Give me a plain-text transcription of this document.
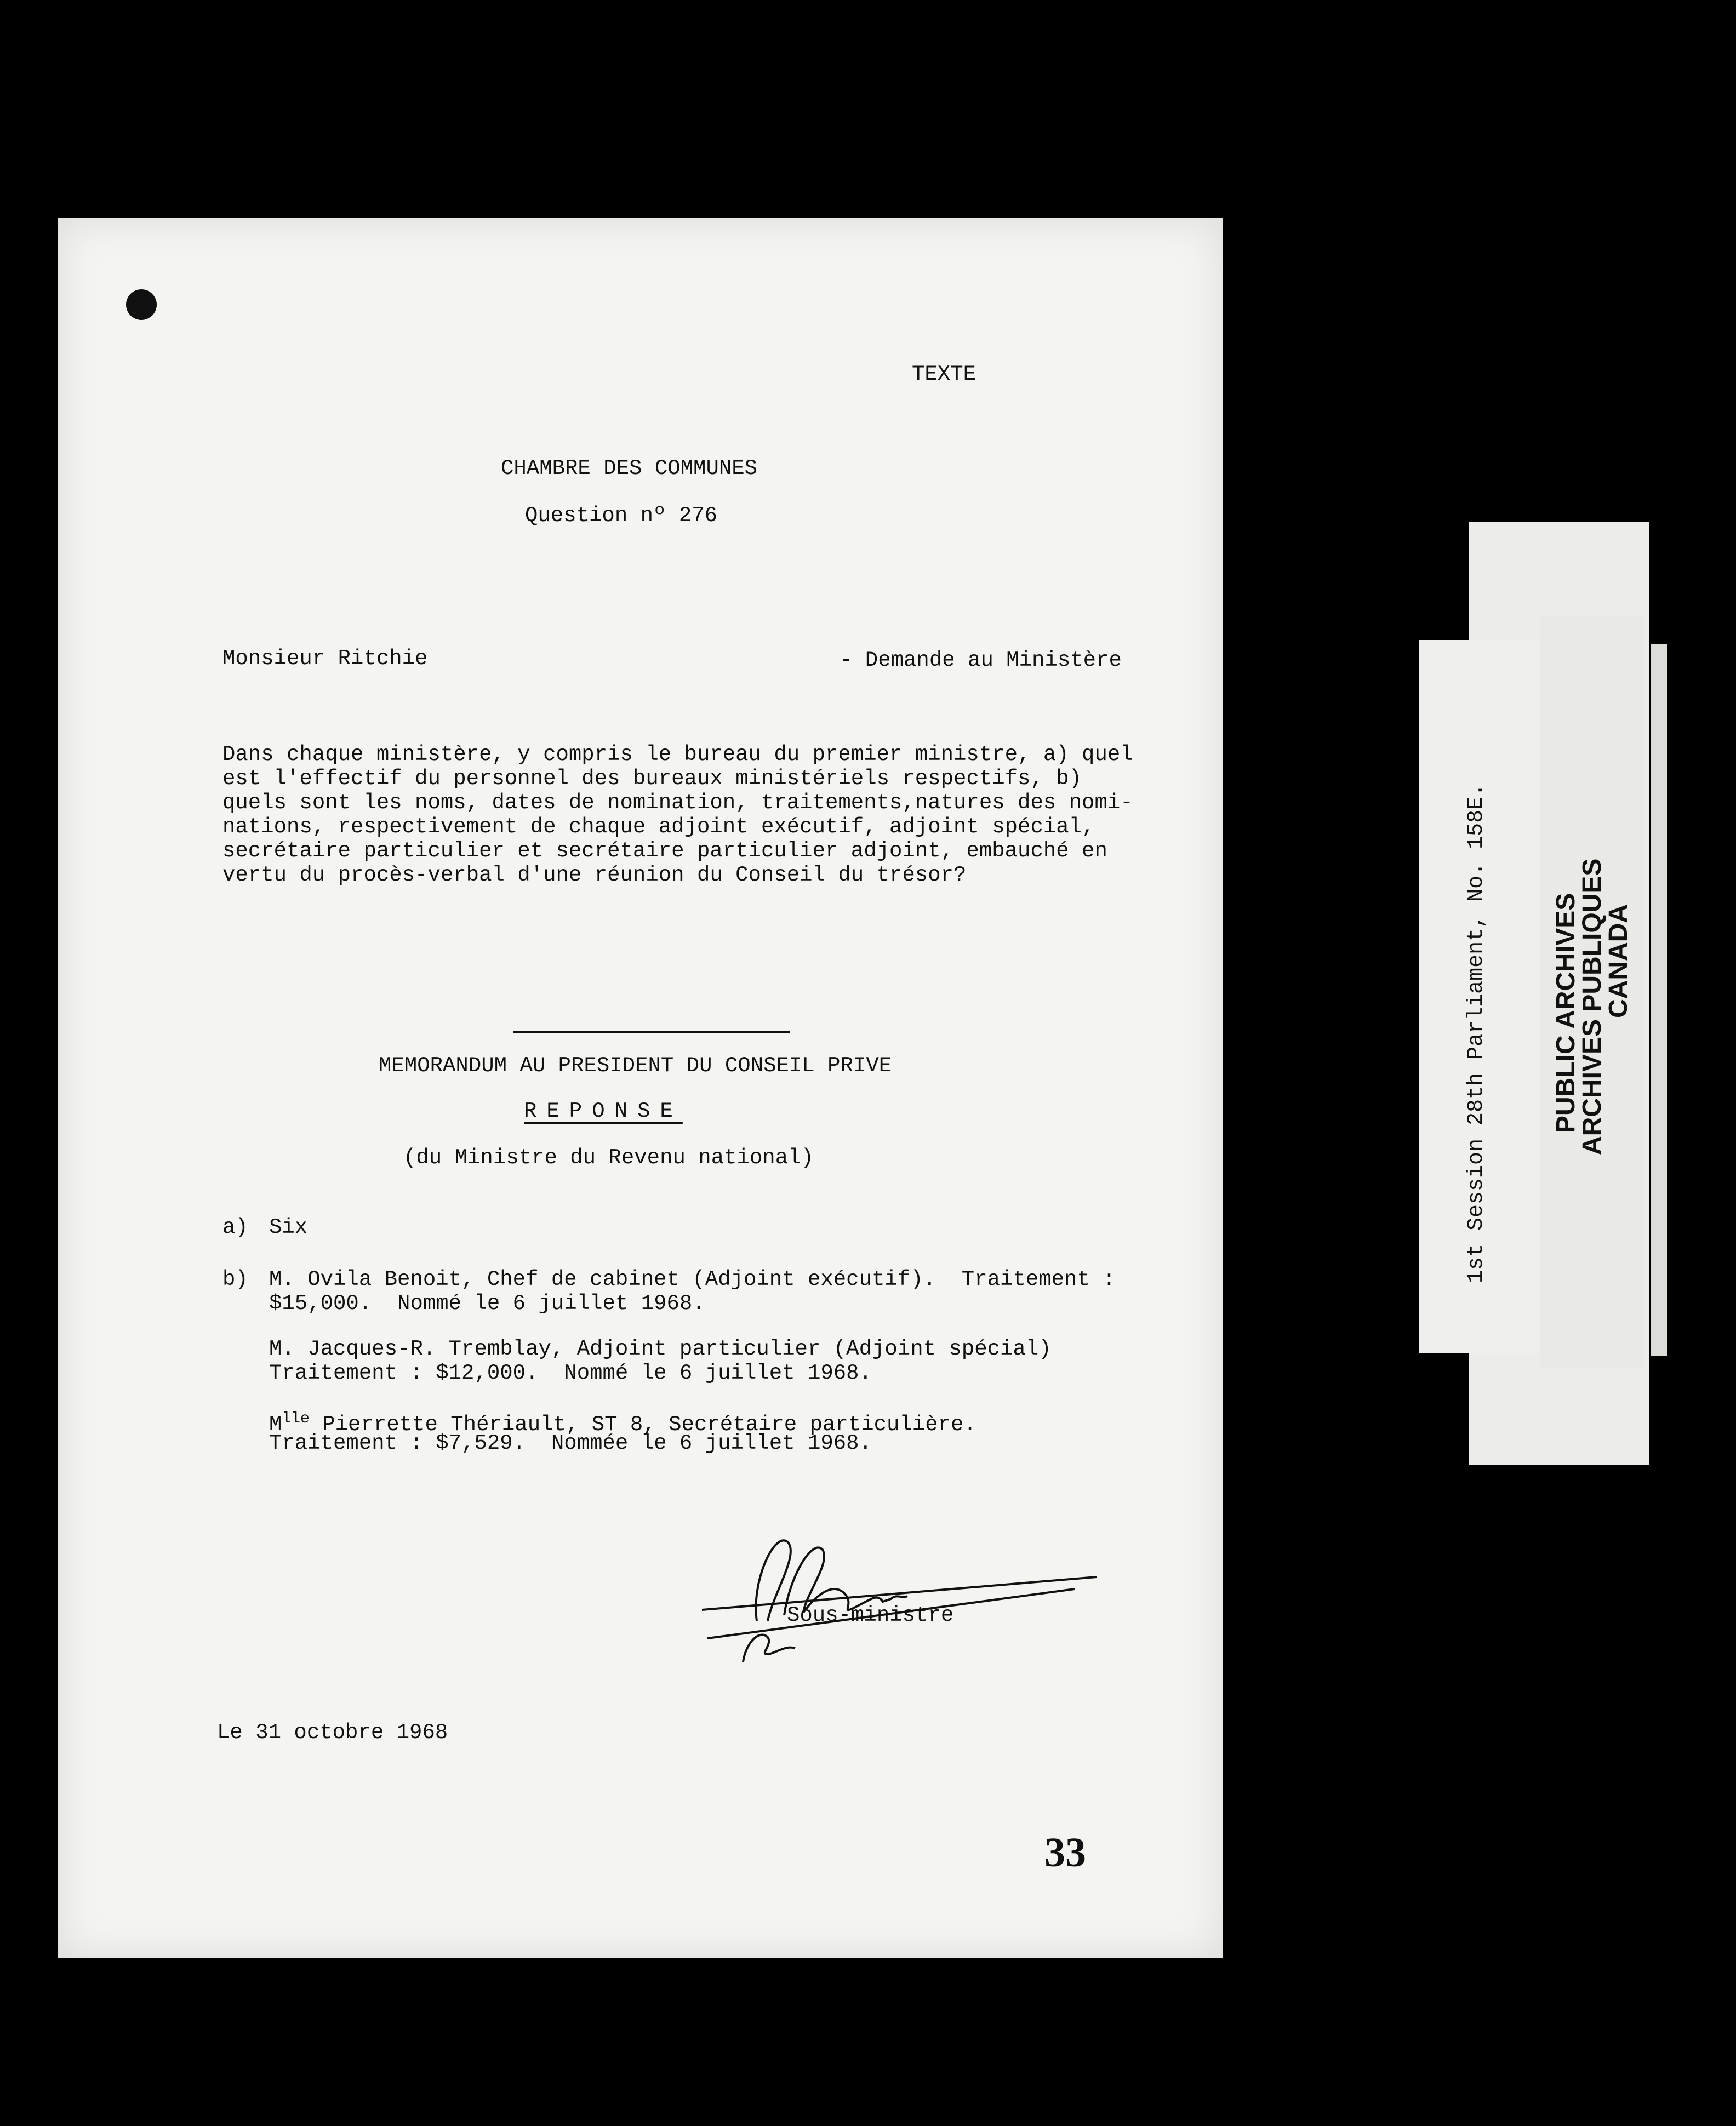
TEXTE
CHAMBRE DES COMMUNES
Question nº 276
Monsieur Ritchie	- Demande au Ministère
Dans chaque ministère, y compris le bureau du premier ministre, a) quel
est l'effectif du personnel des bureaux ministériels respectifs, b)
quels sont les noms, dates de nomination, traitements,natures des nomi-
nations, respectivement de chaque adjoint exécutif, adjoint spécial,
secrétaire particulier et secrétaire particulier adjoint, embauché en
vertu du procès-verbal d'une réunion du Conseil du trésor?
MEMORANDUM AU PRESIDENT DU CONSEIL PRIVE
REPONSE
(du Ministre du Revenu national)
a) Six
b) M. Ovila Benoit, Chef de cabinet (Adjoint exécutif).  Traitement :
$15,000.  Nommé le 6 juillet 1968.
M. Jacques-R. Tremblay, Adjoint particulier (Adjoint spécial)
Traitement : $12,000.  Nommé le 6 juillet 1968.
$M^{lle}$ Pierrette Thériault, ST 8, Secrétaire particulière.
Traitement : $7,529.  Nommée le 6 juillet 1968.
Sous-ministre
Le 31 octobre 1968
33
1st Session 28th Parliament, No. 158E. PUBLIC ARCHIVES
ARCHIVES PUBLIQUES
CANADA
